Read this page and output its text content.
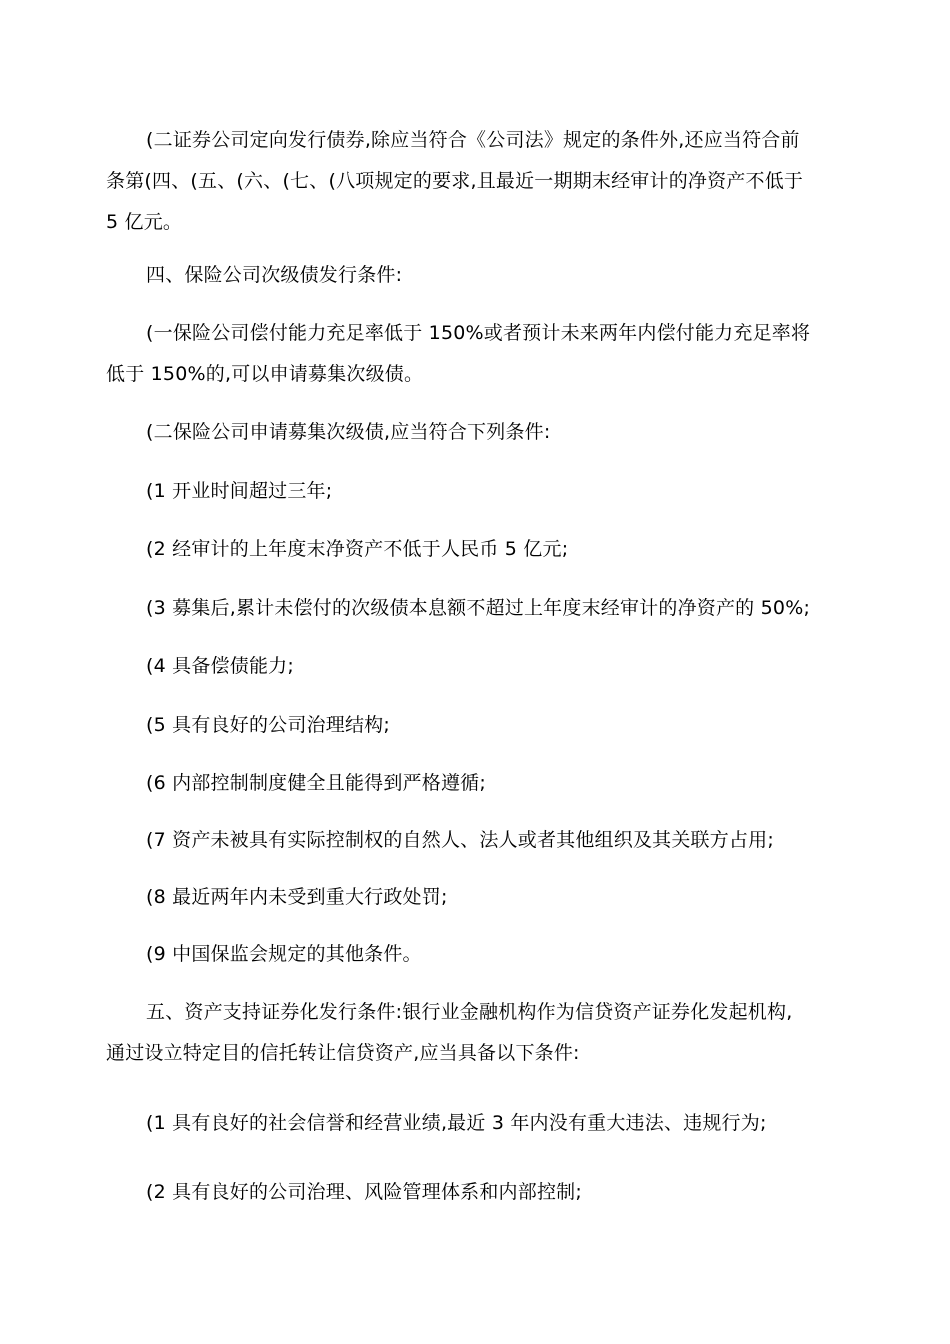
(二证券公司定向发行债券,除应当符合《公司法》规定的条件外,还应当符合前
条第(四、(五、(六、(七、(八项规定的要求,且最近一期期末经审计的净资产不低于
5 亿元。
四、保险公司次级债发行条件:
(一保险公司偿付能力充足率低于 150%或者预计未来两年内偿付能力充足率将
低于 150%的,可以申请募集次级债。
(二保险公司申请募集次级债,应当符合下列条件:
(1 开业时间超过三年;
(2 经审计的上年度末净资产不低于人民币 5 亿元;
(3 募集后,累计未偿付的次级债本息额不超过上年度末经审计的净资产的 50%;
(4 具备偿债能力;
(5 具有良好的公司治理结构;
(6 内部控制制度健全且能得到严格遵循;
(7 资产未被具有实际控制权的自然人、法人或者其他组织及其关联方占用;
(8 最近两年内未受到重大行政处罚;
(9 中国保监会规定的其他条件。
五、资产支持证券化发行条件:银行业金融机构作为信贷资产证券化发起机构,
通过设立特定目的信托转让信贷资产,应当具备以下条件:
(1 具有良好的社会信誉和经营业绩,最近 3 年内没有重大违法、违规行为;
(2 具有良好的公司治理、风险管理体系和内部控制;
